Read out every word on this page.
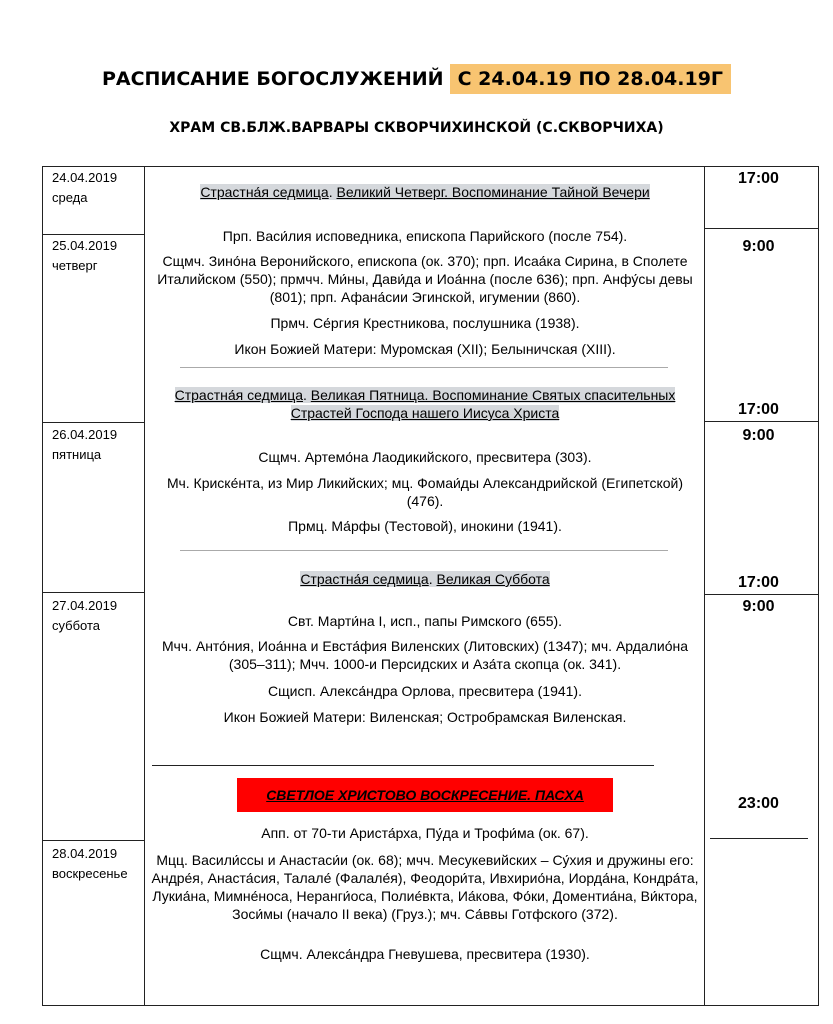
РАСПИСАНИЕ БОГОСЛУЖЕНИЙ С 24.04.19 ПО 28.04.19Г
ХРАМ СВ.БЛЖ.ВАРВАРЫ СКВОРЧИХИНСКОЙ (С.СКВОРЧИХА)
24.04.2019
среда
25.04.2019
четверг
26.04.2019
пятница
27.04.2019
суббота
28.04.2019
воскресенье
17:00
9:00
17:00
9:00
17:00
9:00
23:00
Страстна́я седмица. Великий Четверг. Воспоминание Тайной Вечери
Прп. Васи́лия исповедника, епископа Парийского (после 754).
Сщмч. Зино́на Веронийского, епископа (ок. 370); прп. Исаа́ка Сирина, в Сполете Италийском (550); прмчч. Ми́ны, Дави́да и Иоа́нна (после 636); прп. Анфу́сы девы (801); прп. Афана́сии Эгинской, игумении (860).
Прмч. Се́ргия Крестникова, послушника (1938).
Икон Божией Матери: Муромская (XII); Белыничская (XIII).
Страстна́я седмица. Великая Пятница. Воспоминание Святых спасительных Страстей Господа нашего Иисуса Христа
Сщмч. Артемо́на Лаодикийского, пресвитера (303).
Мч. Криске́нта, из Мир Ликийских; мц. Фомаи́ды Александрийской (Египетской) (476).
Прмц. Ма́рфы (Тестовой), инокини (1941).
Страстна́я седмица. Великая Суббота
Свт. Марти́на I, исп., папы Римского (655).
Мчч. Анто́ния, Иоа́нна и Евста́фия Виленских (Литовских) (1347); мч. Ардалио́на (305–311); Мчч. 1000-и Персидских и Аза́та скопца (ок. 341).
Сщисп. Алекса́ндра Орлова, пресвитера (1941).
Икон Божией Матери: Виленская; Остробрамская Виленская.
СВЕТЛОЕ ХРИСТОВО ВОСКРЕСЕНИЕ. ПАСХА
Апп. от 70-ти Ариста́рха, Пу́да и Трофи́ма (ок. 67).
Мцц. Васили́ссы и Анастаси́и (ок. 68); мчч. Месукевийских – Су́хия и дружины его: Андре́я, Анаста́сия, Талале́ (Фалале́я), Феодори́та, Ивхирио́на, Иорда́на, Кондра́та, Лукиа́на, Мимне́носа, Неранги́оса, Полие́вкта, Иа́кова, Фо́ки, Доментиа́на, Ви́ктора, Зоси́мы (начало II века) (Груз.); мч. Са́ввы Готфского (372).
Сщмч. Алекса́ндра Гневушева, пресвитера (1930).
